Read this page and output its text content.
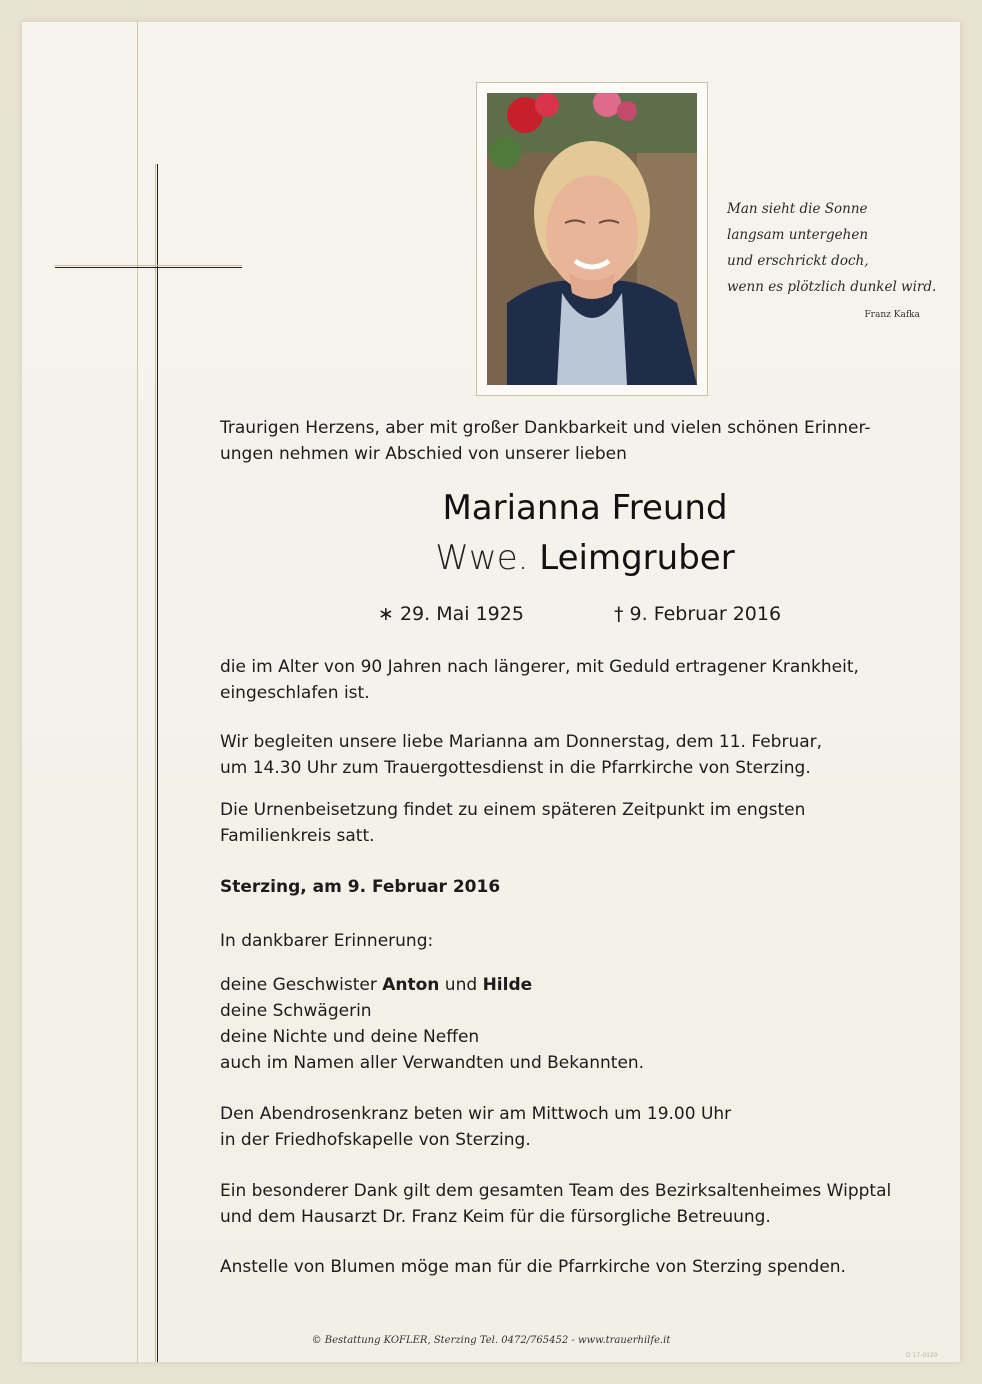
Man sieht die Sonne
langsam untergehen
und erschrickt doch,
wenn es plötzlich dunkel wird.
Franz Kafka
Traurigen Herzens, aber mit großer Dankbarkeit und vielen schönen Erinner-
ungen nehmen wir Abschied von unserer lieben
Marianna Freund
Wwe. Leimgruber
∗ 29. Mai 1925	† 9. Februar 2016
die im Alter von 90 Jahren nach längerer, mit Geduld ertragener Krankheit,
eingeschlafen ist.
Wir begleiten unsere liebe Marianna am Donnerstag, dem 11. Februar,
um 14.30 Uhr zum Trauergottesdienst in die Pfarrkirche von Sterzing.
Die Urnenbeisetzung findet zu einem späteren Zeitpunkt im engsten
Familienkreis satt.
Sterzing, am 9. Februar 2016
In dankbarer Erinnerung:
deine Geschwister Anton und Hilde
deine Schwägerin
deine Nichte und deine Neffen
auch im Namen aller Verwandten und Bekannten.
Den Abendrosenkranz beten wir am Mittwoch um 19.00 Uhr
in der Friedhofskapelle von Sterzing.
Ein besonderer Dank gilt dem gesamten Team des Bezirksaltenheimes Wipptal
und dem Hausarzt Dr. Franz Keim für die fürsorgliche Betreuung.
Anstelle von Blumen möge man für die Pfarrkirche von Sterzing spenden.
© Bestattung KOFLER, Sterzing Tel. 0472/765452 - www.trauerhilfe.it
D 17-0120
